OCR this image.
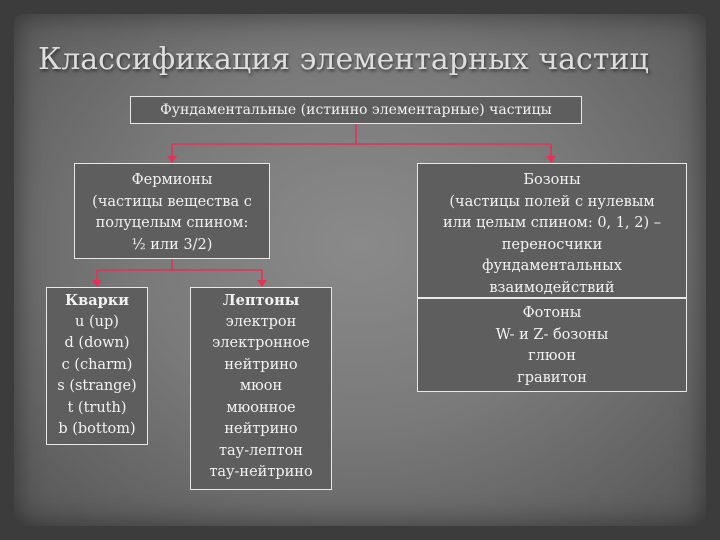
Классификация элементарных частиц
Фундаментальные (истинно элементарные) частицы
Фермионы
(частицы вещества с
полуцелым спином:
½ или 3/2)
Бозоны
(частицы полей с нулевым
или целым спином: 0, 1, 2) –
переносчики
фундаментальных
взаимодействий
Фотоны
W- и Z- бозоны
глюон
гравитон
Кварки
u (up)
d (down)
c (charm)
s (strange)
t (truth)
b (bottom)
Лептоны
электрон
электронное
нейтрино
мюон
мюонное
нейтрино
тау-лептон
тау-нейтрино
